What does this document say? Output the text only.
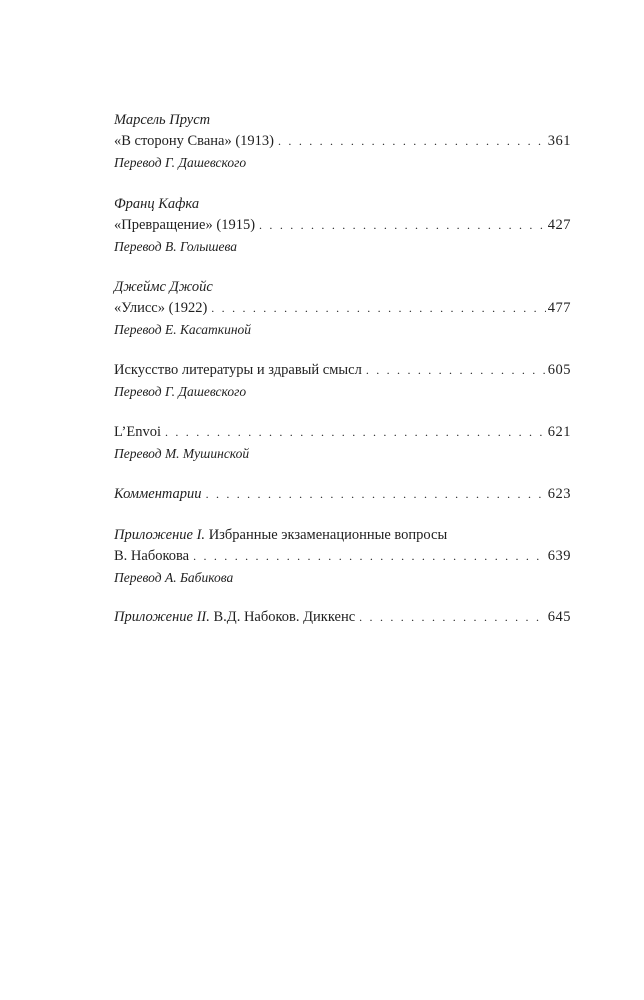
Марсель Пруст
«В сторону Свана» (1913) . . .	361
Перевод Г. Дашевского
Франц Кафка
«Превращение» (1915) . . .	427
Перевод В. Голышева
Джеймс Джойс
«Улисс» (1922) . . .	477
Перевод Е. Касаткиной
Искусство литературы и здравый смысл . . .	605
Перевод Г. Дашевского
L’Envoi . . .	621
Перевод М. Мушинской
Комментарии . . .	623
Приложение I. Избранные экзаменационные вопросы
В. Набокова . . .	639
Перевод А. Бабикова
Приложение II. В.Д. Набоков. Диккенс . . .	645
